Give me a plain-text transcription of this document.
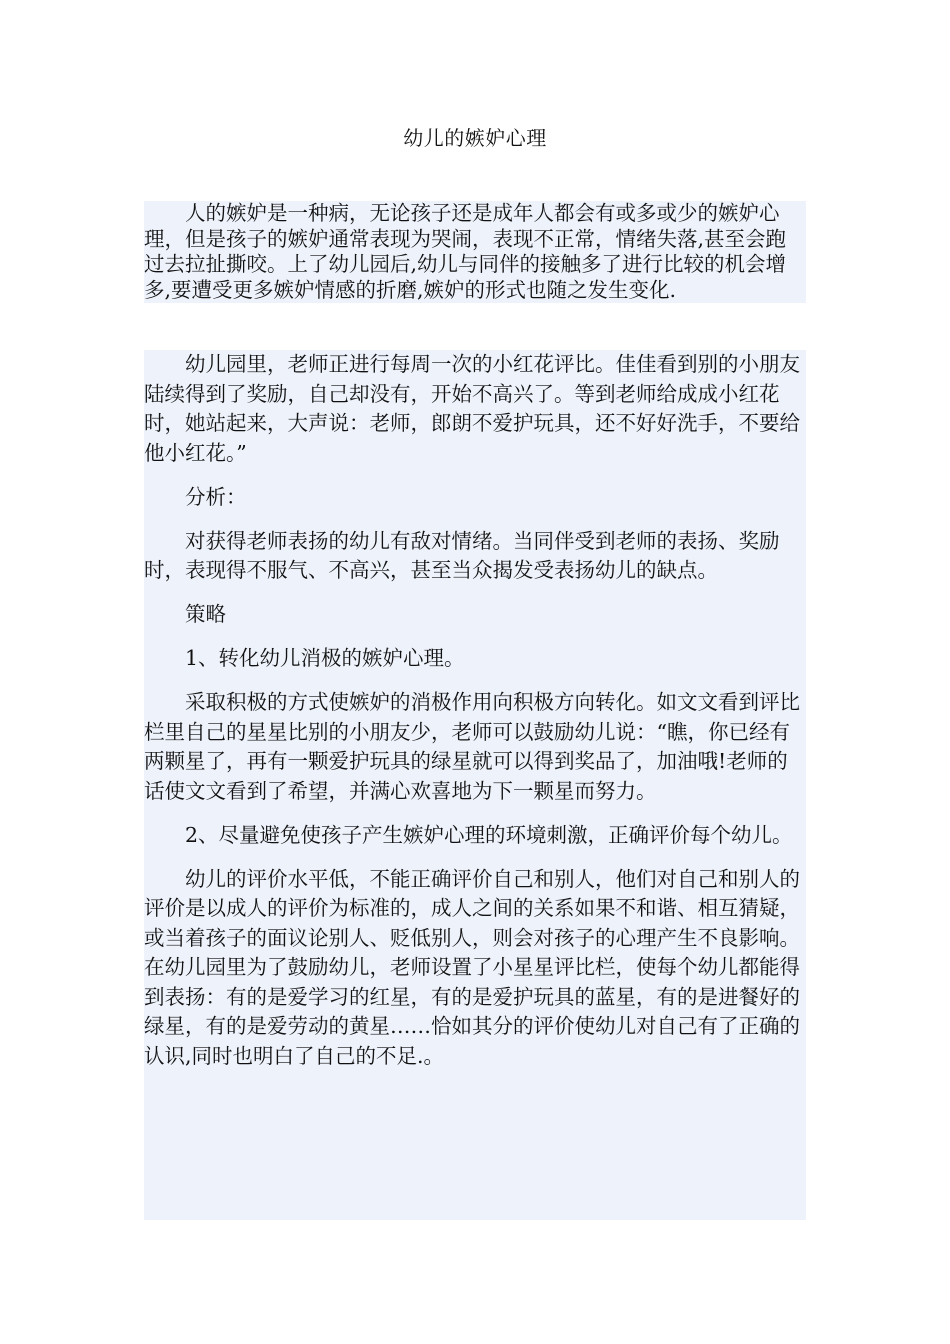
幼儿的嫉妒心理

人的嫉妒是一种病，无论孩子还是成年人都会有或多或少的嫉妒心理，但是孩子的嫉妒通常表现为哭闹，表现不正常，情绪失落,甚至会跑过去拉扯撕咬。上了幼儿园后,幼儿与同伴的接触多了进行比较的机会增多,要遭受更多嫉妒情感的折磨,嫉妒的形式也随之发生变化.

幼儿园里，老师正进行每周一次的小红花评比。佳佳看到别的小朋友陆续得到了奖励，自己却没有，开始不高兴了。等到老师给成成小红花时，她站起来，大声说：老师，郎朗不爱护玩具，还不好好洗手，不要给他小红花。”

分析：

对获得老师表扬的幼儿有敌对情绪。当同伴受到老师的表扬、奖励时，表现得不服气、不高兴，甚至当众揭发受表扬幼儿的缺点。

策略

1、转化幼儿消极的嫉妒心理。

采取积极的方式使嫉妒的消极作用向积极方向转化。如文文看到评比栏里自己的星星比别的小朋友少，老师可以鼓励幼儿说：“瞧，你已经有两颗星了，再有一颗爱护玩具的绿星就可以得到奖品了，加油哦!老师的话使文文看到了希望，并满心欢喜地为下一颗星而努力。

2、尽量避免使孩子产生嫉妒心理的环境刺激，正确评价每个幼儿。

幼儿的评价水平低，不能正确评价自己和别人，他们对自己和别人的评价是以成人的评价为标准的，成人之间的关系如果不和谐、相互猜疑，或当着孩子的面议论别人、贬低别人，则会对孩子的心理产生不良影响。在幼儿园里为了鼓励幼儿，老师设置了小星星评比栏，使每个幼儿都能得到表扬：有的是爱学习的红星，有的是爱护玩具的蓝星，有的是进餐好的绿星，有的是爱劳动的黄星……恰如其分的评价使幼儿对自己有了正确的认识,同时也明白了自己的不足.。
